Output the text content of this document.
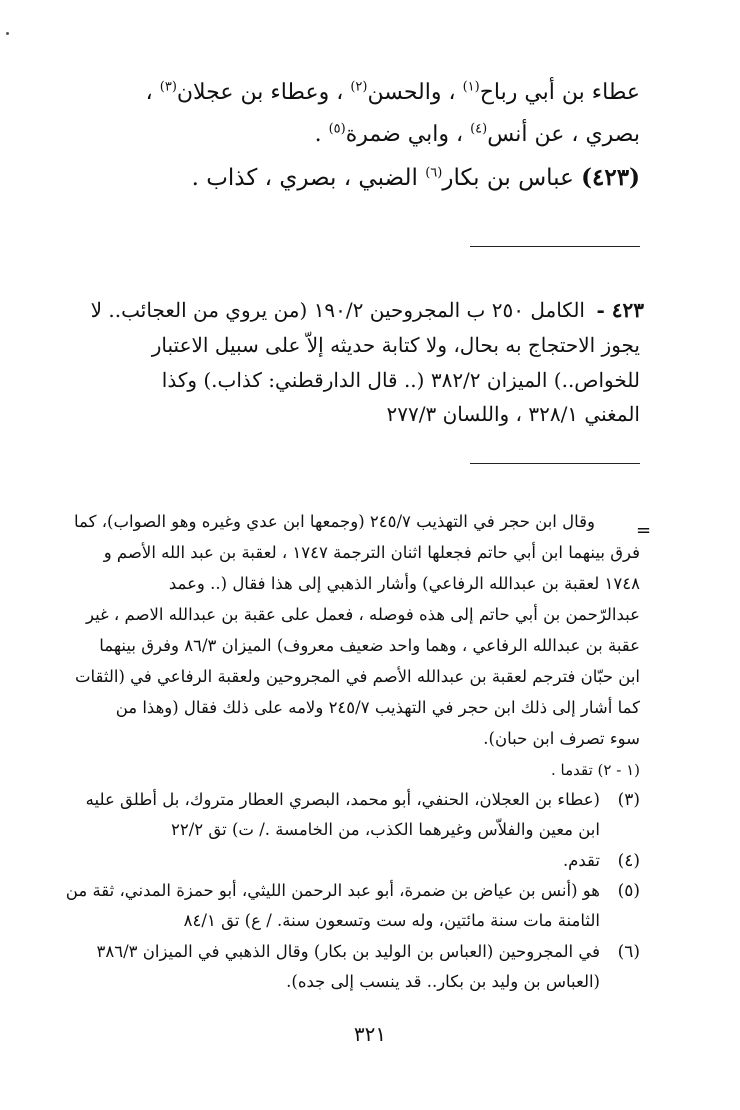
عطاء بن أبي رباح$^{(١)}$ ، والحسن$^{(٢)}$ ، وعطاء بن عجلان$^{(٣)}$ ،
بصري ، عن أنس$^{(٤)}$ ، وابي ضمرة$^{(٥)}$ .
(٤٢٣) عباس بن بكار$^{(٦)}$ الضبي ، بصري ، كذاب .
٤٢٣ -
الكامل ٢٥٠ ب المجروحين ١٩٠/٢ (من يروي من العجائب.. لا
يجوز الاحتجاج به بحال، ولا كتابة حديثه إلاّ على سبيل الاعتبار
للخواص..) الميزان ٣٨٢/٢ (.. قال الدارقطني: كذاب.) وكذا
المغني ٣٢٨/١ ، واللسان ٢٧٧/٣
=
وقال ابن حجر في التهذيب ٢٤٥/٧ (وجمعها ابن عدي وغيره وهو الصواب)، كما
فرق بينهما ابن أبي حاتم فجعلها اثنان الترجمة ١٧٤٧ ، لعقبة بن عبد الله الأصم و
١٧٤٨ لعقبة بن عبدالله الرفاعي) وأشار الذهبي إلى هذا فقال (.. وعمد
عبدالرّحمن بن أبي حاتم إلى هذه فوصله ، فعمل على عقبة بن عبدالله الاصم ، غير
عقبة بن عبدالله الرفاعي ، وهما واحد ضعيف معروف) الميزان ٨٦/٣ وفرق بينهما
ابن حبّان فترجم لعقبة بن عبدالله الأصم في المجروحين ولعقبة الرفاعي في (الثقات
كما أشار إلى ذلك ابن حجر في التهذيب ٢٤٥/٧ ولامه على ذلك فقال (وهذا من
سوء تصرف ابن حبان).
(١ - ٢) تقدما .
(٣)
(عطاء بن العجلان، الحنفي، أبو محمد، البصري العطار متروك، بل أطلق عليه
ابن معين والفلاّس وغيرهما الكذب، من الخامسة ./ ت) تق ٢٢/٢
(٤)
تقدم.
(٥)
هو (أنس بن عياض بن ضمرة، أبو عبد الرحمن الليثي، أبو حمزة المدني، ثقة من
الثامنة مات سنة مائتين، وله ست وتسعون سنة. / ع) تق ٨٤/١
(٦)
في المجروحين (العباس بن الوليد بن بكار) وقال الذهبي في الميزان ٣٨٦/٣
(العباس بن وليد بن بكار.. قد ينسب إلى جده).
٣٢١
